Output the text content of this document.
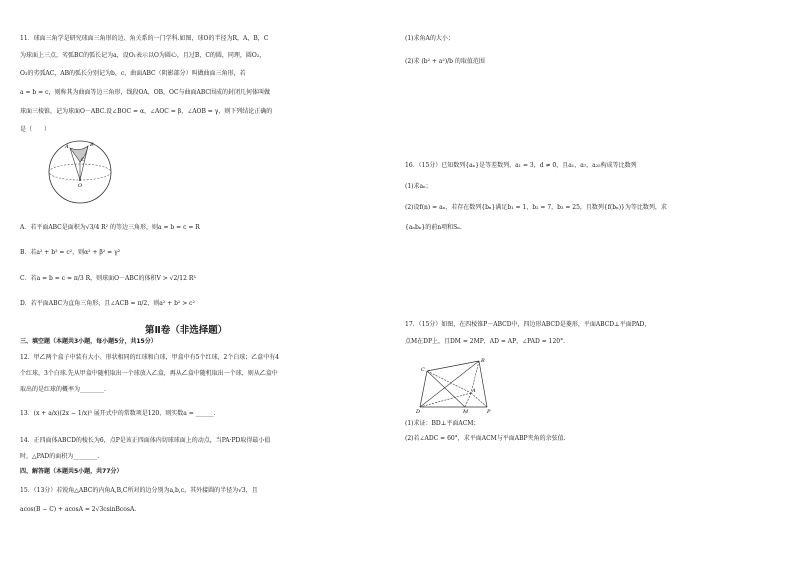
11．球面三角学是研究球面三角形的边、角关系的一门学科.如图，球O的半径为R，A，B，C
为球面上三点，劣弧BC的弧长记为a，设O₁表示以O为圆心，且过B，C的圆，同理，圆O₂，
O₃的劣弧AC，AB的弧长分别记为b，c，曲面ABC（阴影部分）叫做曲面三角形，若
a = b = c，则称其为曲面等边三角形，线段OA，OB，OC与曲面ABC围成的封闭几何体叫做
球面三棱锥，记为球面O－ABC.设∠BOC = α，∠AOC = β，∠AOB = γ，则下列结论正确的
是（　　）
A	B
C
O
A．若平面ABC是面积为√3/4 R² 的等边三角形，则a = b = c = R
B．若a² + b² = c²，则α² + β² = γ²
C．若a = b = c = π/3 R，则球面O－ABC的体积V > √2/12 R³
D．若平面ABC为直角三角形，且∠ACB = π/2，则a² + b² > c²
第Ⅱ卷（非选择题）
三、填空题（本题共3小题，每小题5分，共15分）
12．甲乙两个盒子中装有大小、形状相同的红球和白球，甲盒中有5个红球，2个白球；乙盒中有4
个红球，3个白球.先从甲盒中随机取出一个球放入乙盒，再从乙盒中随机取出一个球，则从乙盒中
取出的是红球的概率为________.
13．(x + a/x)(2x − 1/x)⁵ 展开式中的常数项是120，则实数a = ______.
14．正四面体ABCD的棱长为6，点P是该正四面体内切球球面上的动点，当PA·PD取得最小值
时，△PAD的面积为________.
四、解答题（本题共5小题，共77分）
15．（13分）若锐角△ABC的内角A,B,C所对的边分别为a,b,c，其外接圆的半径为√3，且
acos(B − C) + acosA = 2√3csinBcosA.
(1)求角A的大小；
(2)求 (b² + a²)/b 的取值范围
16．（15分）已知数列{aₙ}是等差数列，a₁ = 3，d ≠ 0，且a₁，a₇，a₂₅构成等比数列
(1)求aₙ；
(2)设f(n) = aₙ，若存在数列{bₙ}满足b₁ = 1，b₂ = 7，b₃ = 25，且数列{f(bₙ)}为等比数列，求
{aₙbₙ}的前n项和Sₙ.
17．（15分）如图，在四棱锥P－ABCD中，四边形ABCD是菱形，平面ABCD⊥平面PAD，
点M在DP上，且DM = 2MP，AD = AP，∠PAD = 120°.
B
C
A
D	M	P
(1)求证：BD⊥平面ACM；
(2)若∠ADC = 60°，求平面ACM与平面ABP夹角的余弦值.
